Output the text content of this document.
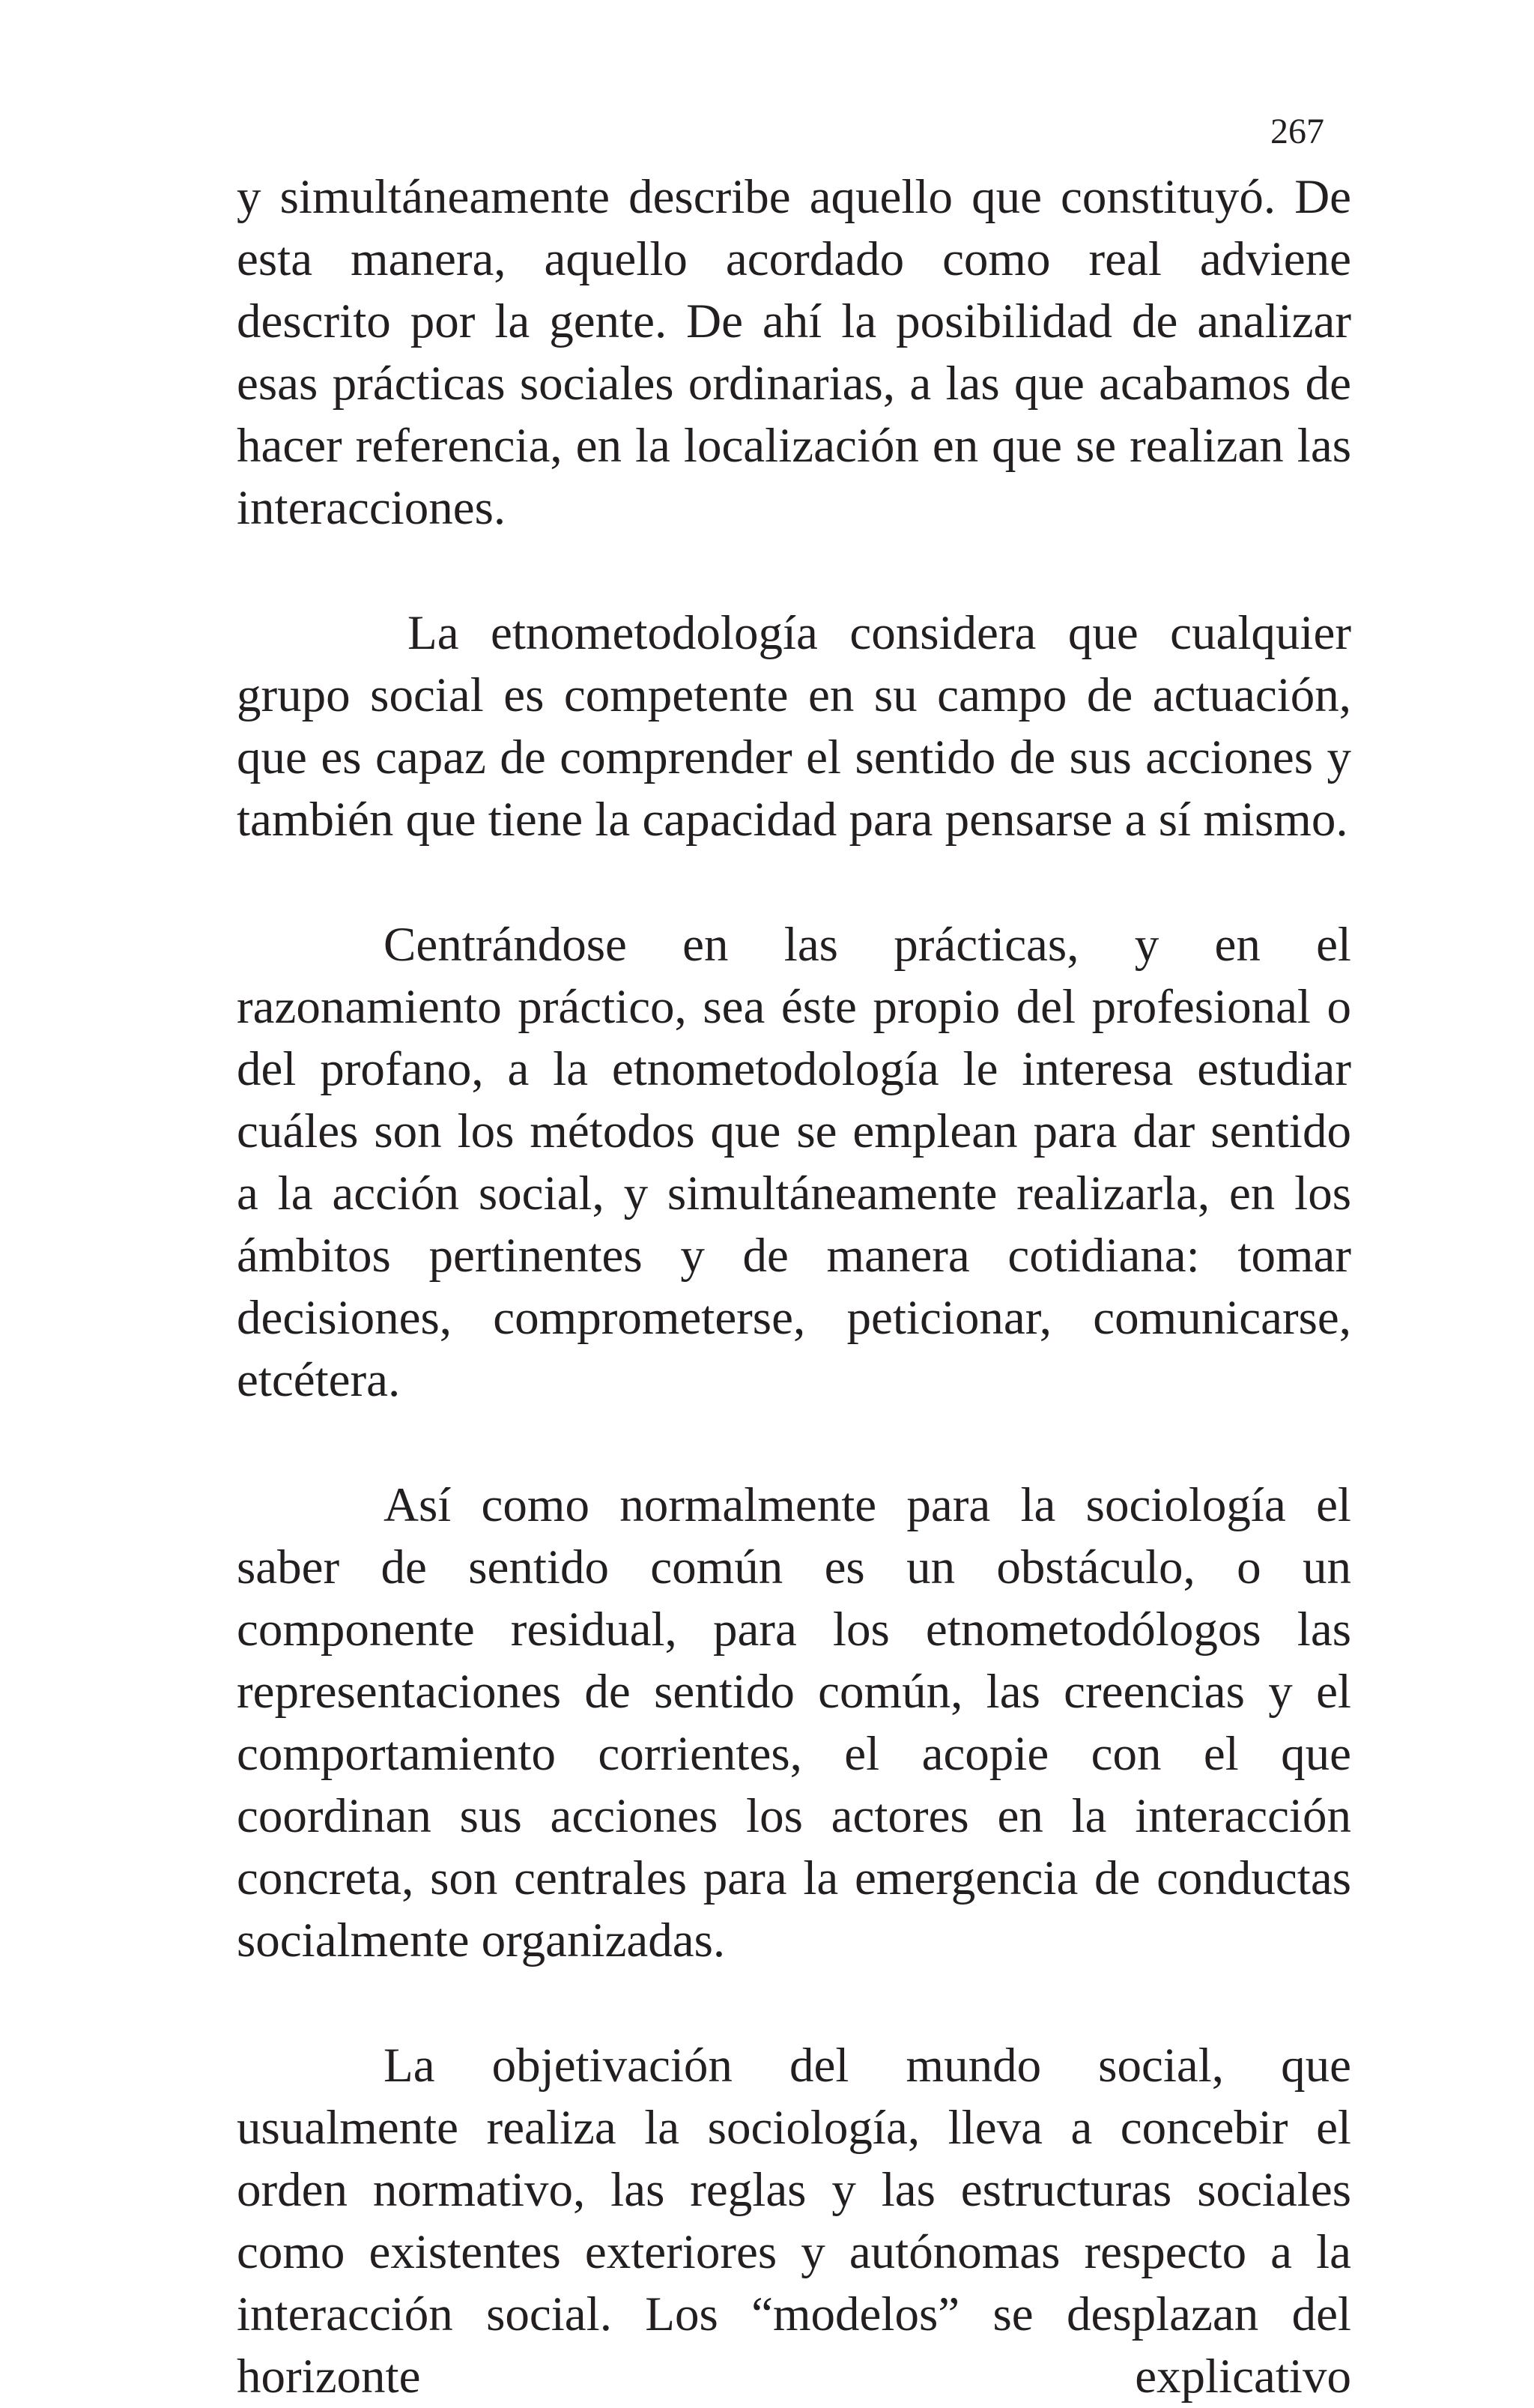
267

y simultáneamente describe aquello que constituyó. De esta manera, aquello acordado como real adviene descrito por la gente. De ahí la posibilidad de analizar esas prácticas sociales ordinarias, a las que acabamos de hacer referencia, en la localización en que se realizan las interacciones.

La etnometodología considera que cualquier grupo social es competente en su campo de actuación, que es capaz de comprender el sentido de sus acciones y también que tiene la capacidad para pensarse a sí mismo.

Centrándose en las prácticas, y en el razonamiento práctico, sea éste propio del profesional o del profano, a la etnometodología le interesa estudiar cuáles son los métodos que se emplean para dar sentido a la acción social, y simultáneamente realizarla, en los ámbitos pertinentes y de manera cotidiana: tomar decisiones, comprometerse, peticionar, comunicarse, etcétera.

Así como normalmente para la sociología el saber de sentido común es un obstáculo, o un componente residual, para los etnometodólogos las representaciones de sentido común, las creencias y el comportamiento corrientes, el acopie con el que coordinan sus acciones los actores en la interacción concreta, son centrales para la emergencia de conductas socialmente organizadas.

La objetivación del mundo social, que usualmente realiza la sociología, lleva a concebir el orden normativo, las reglas y las estructuras sociales como existentes exteriores y autónomas respecto a la interacción social. Los “modelos” se desplazan del horizonte explicativo
